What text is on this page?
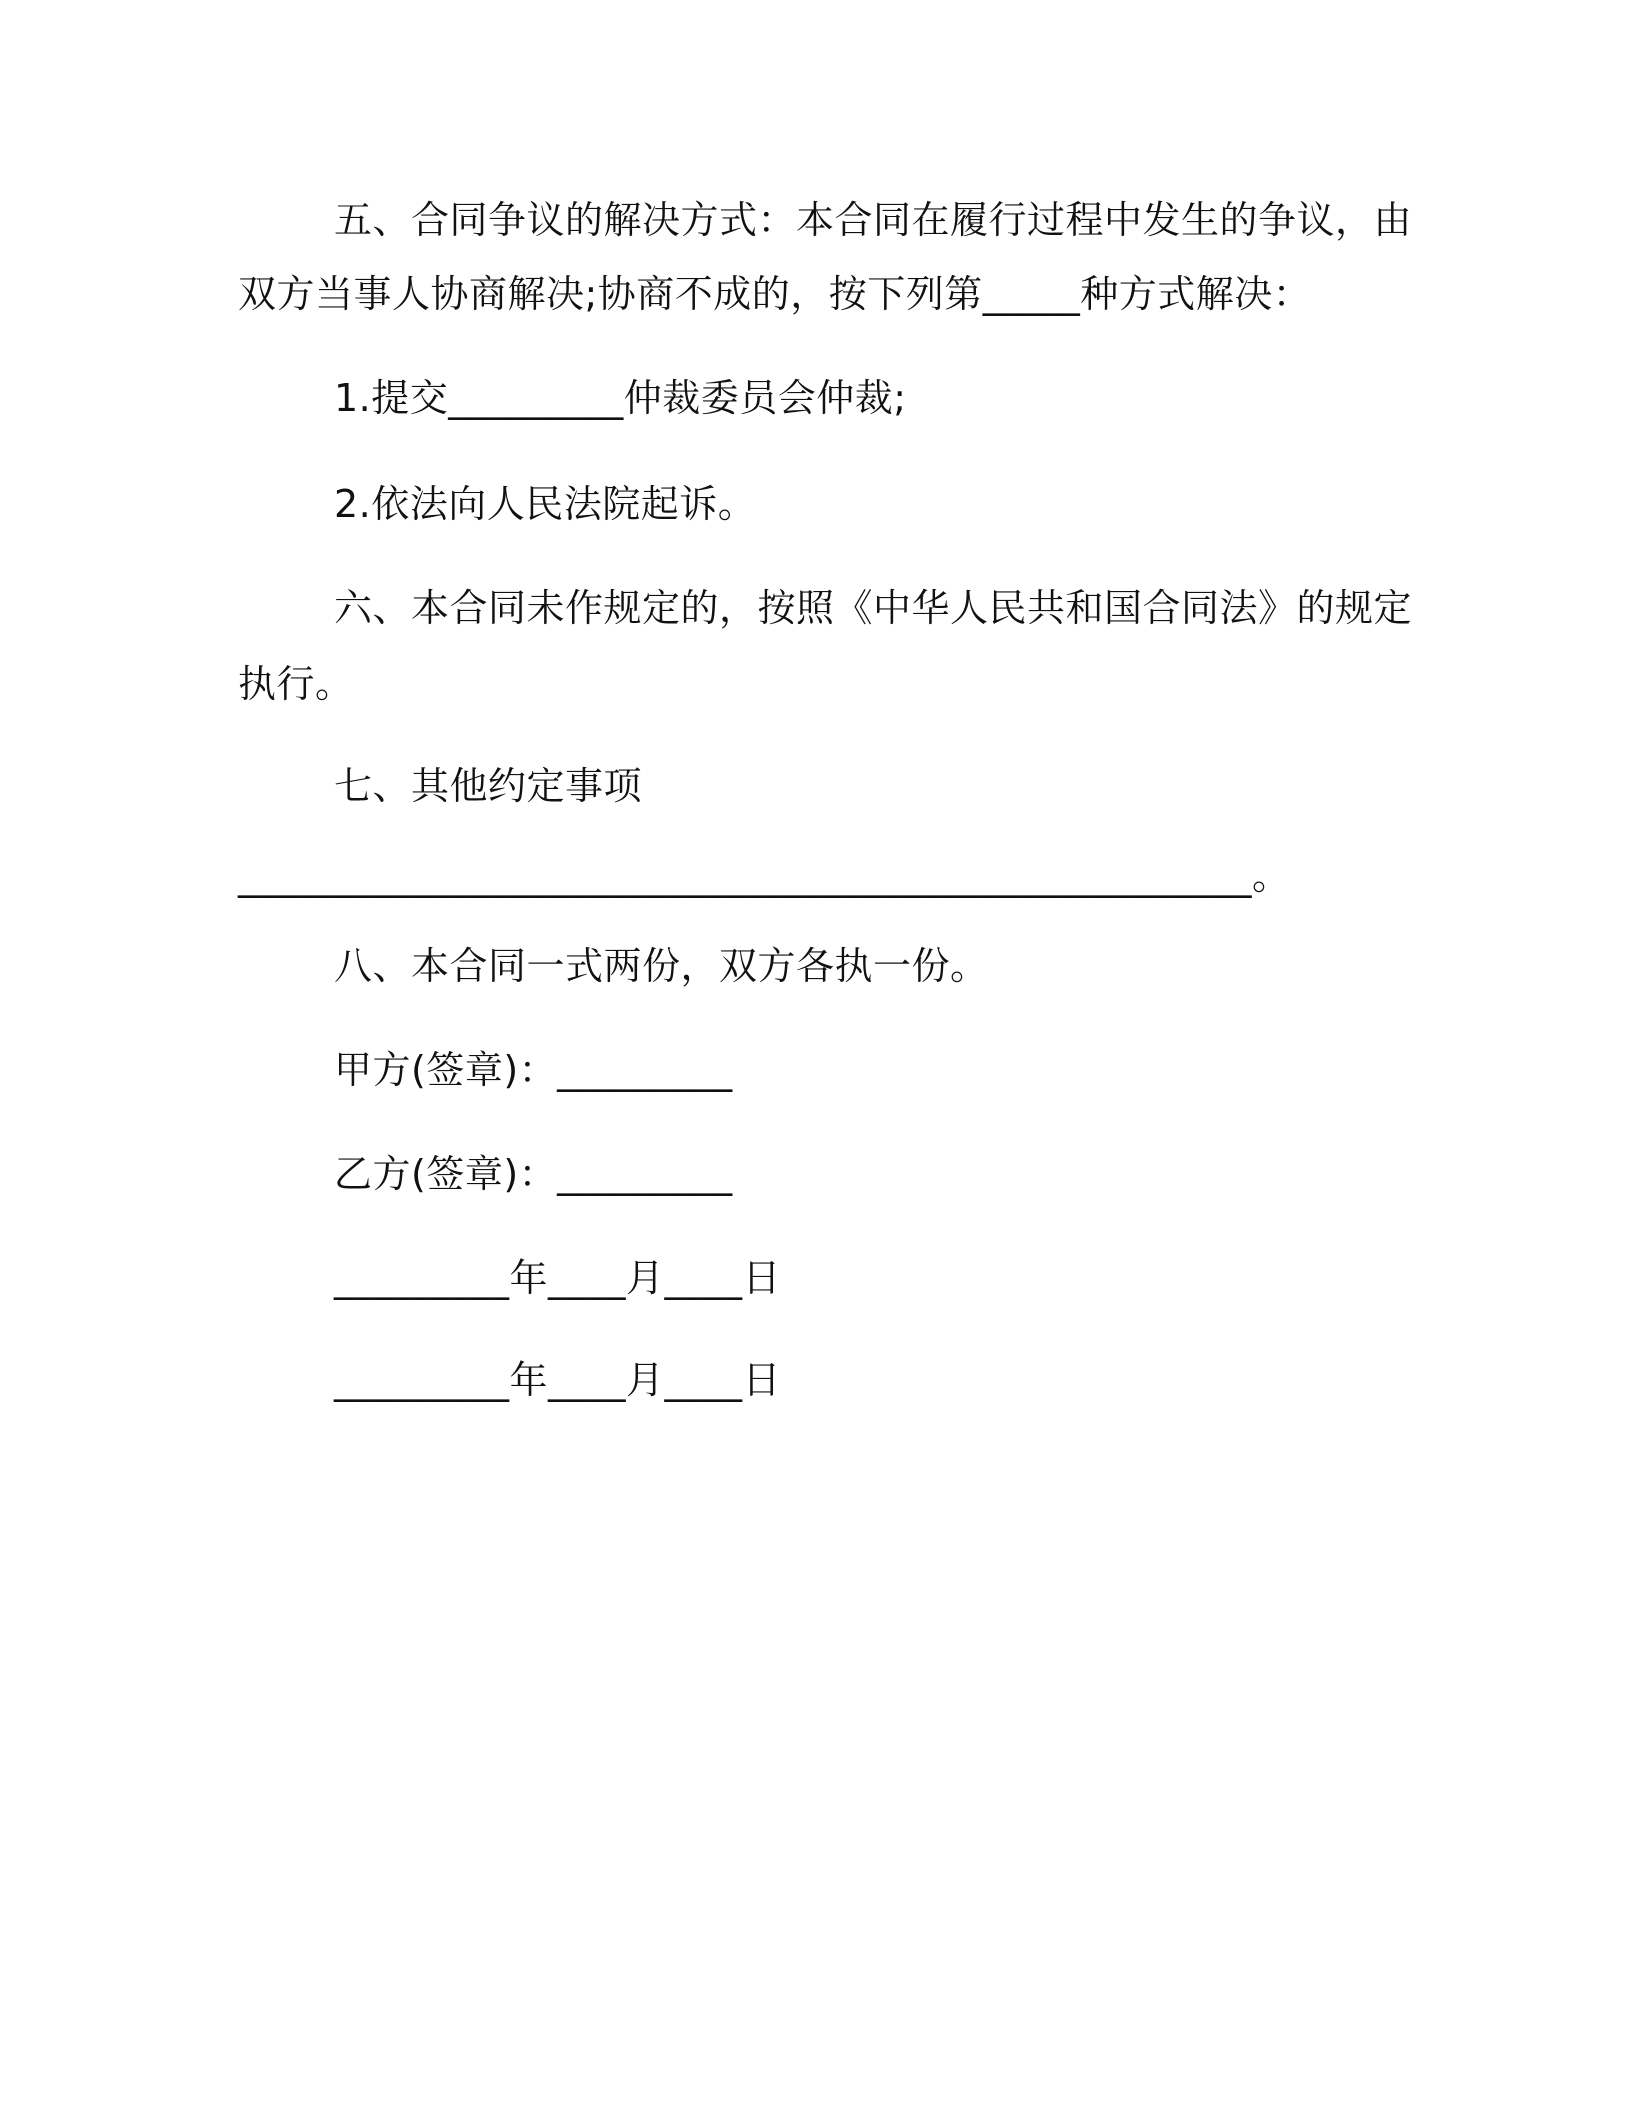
五、合同争议的解决方式：本合同在履行过程中发生的争议，由
双方当事人协商解决;协商不成的，按下列第_____种方式解决：
1.提交_________仲裁委员会仲裁;
2.依法向人民法院起诉。
六、本合同未作规定的，按照《中华人民共和国合同法》的规定
执行。
七、其他约定事项
____________________________________________________。
八、本合同一式两份，双方各执一份。
甲方(签章)：_________
乙方(签章)：_________
_________年____月____日
_________年____月____日
